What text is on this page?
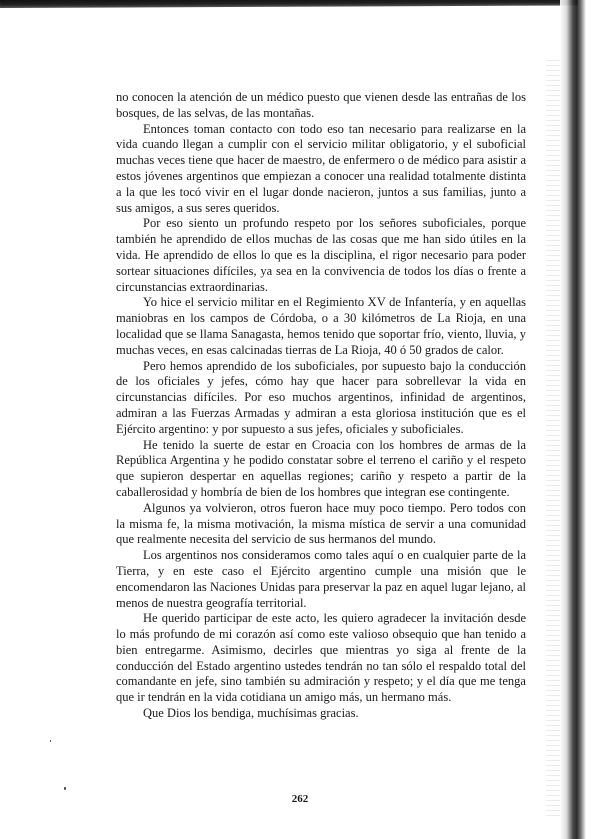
no conocen la atención de un médico puesto que vienen desde las entrañas de los bosques, de las selvas, de las montañas.

Entonces toman contacto con todo eso tan necesario para realizarse en la vida cuando llegan a cumplir con el servicio militar obligatorio, y el suboficial muchas veces tiene que hacer de maestro, de enfermero o de médico para asistir a estos jóvenes argentinos que empiezan a conocer una realidad totalmente distinta a la que les tocó vivir en el lugar donde nacieron, juntos a sus familias, junto a sus amigos, a sus seres queridos.

Por eso siento un profundo respeto por los señores suboficiales, porque también he aprendido de ellos muchas de las cosas que me han sido útiles en la vida. He aprendido de ellos lo que es la disciplina, el rigor necesario para poder sortear situaciones difíciles, ya sea en la convivencia de todos los días o frente a circunstancias extraordinarias.

Yo hice el servicio militar en el Regimiento XV de Infantería, y en aquellas maniobras en los campos de Córdoba, o a 30 kilómetros de La Rioja, en una localidad que se llama Sanagasta, hemos tenido que soportar frío, viento, lluvia, y muchas veces, en esas calcinadas tierras de La Rioja, 40 ó 50 grados de calor.

Pero hemos aprendido de los suboficiales, por supuesto bajo la conducción de los oficiales y jefes, cómo hay que hacer para sobrellevar la vida en circunstancias difíciles. Por eso muchos argentinos, infinidad de argentinos, admiran a las Fuerzas Armadas y admiran a esta gloriosa institución que es el Ejército argentino: y por supuesto a sus jefes, oficiales y suboficiales.

He tenido la suerte de estar en Croacia con los hombres de armas de la República Argentina y he podido constatar sobre el terreno el cariño y el respeto que supieron despertar en aquellas regiones; cariño y respeto a partir de la caballerosidad y hombría de bien de los hombres que integran ese contingente.

Algunos ya volvieron, otros fueron hace muy poco tiempo. Pero todos con la misma fe, la misma motivación, la misma mística de servir a una comunidad que realmente necesita del servicio de sus hermanos del mundo.

Los argentinos nos consideramos como tales aquí o en cualquier parte de la Tierra, y en este caso el Ejército argentino cumple una misión que le encomendaron las Naciones Unidas para preservar la paz en aquel lugar lejano, al menos de nuestra geografía territorial.

He querido participar de este acto, les quiero agradecer la invitación desde lo más profundo de mi corazón así como este valioso obsequio que han tenido a bien entregarme. Asimismo, decirles que mientras yo siga al frente de la conducción del Estado argentino ustedes tendrán no tan sólo el respaldo total del comandante en jefe, sino también su admiración y respeto; y el día que me tenga que ir tendrán en la vida cotidiana un amigo más, un hermano más.

Que Dios los bendiga, muchísimas gracias.

262
